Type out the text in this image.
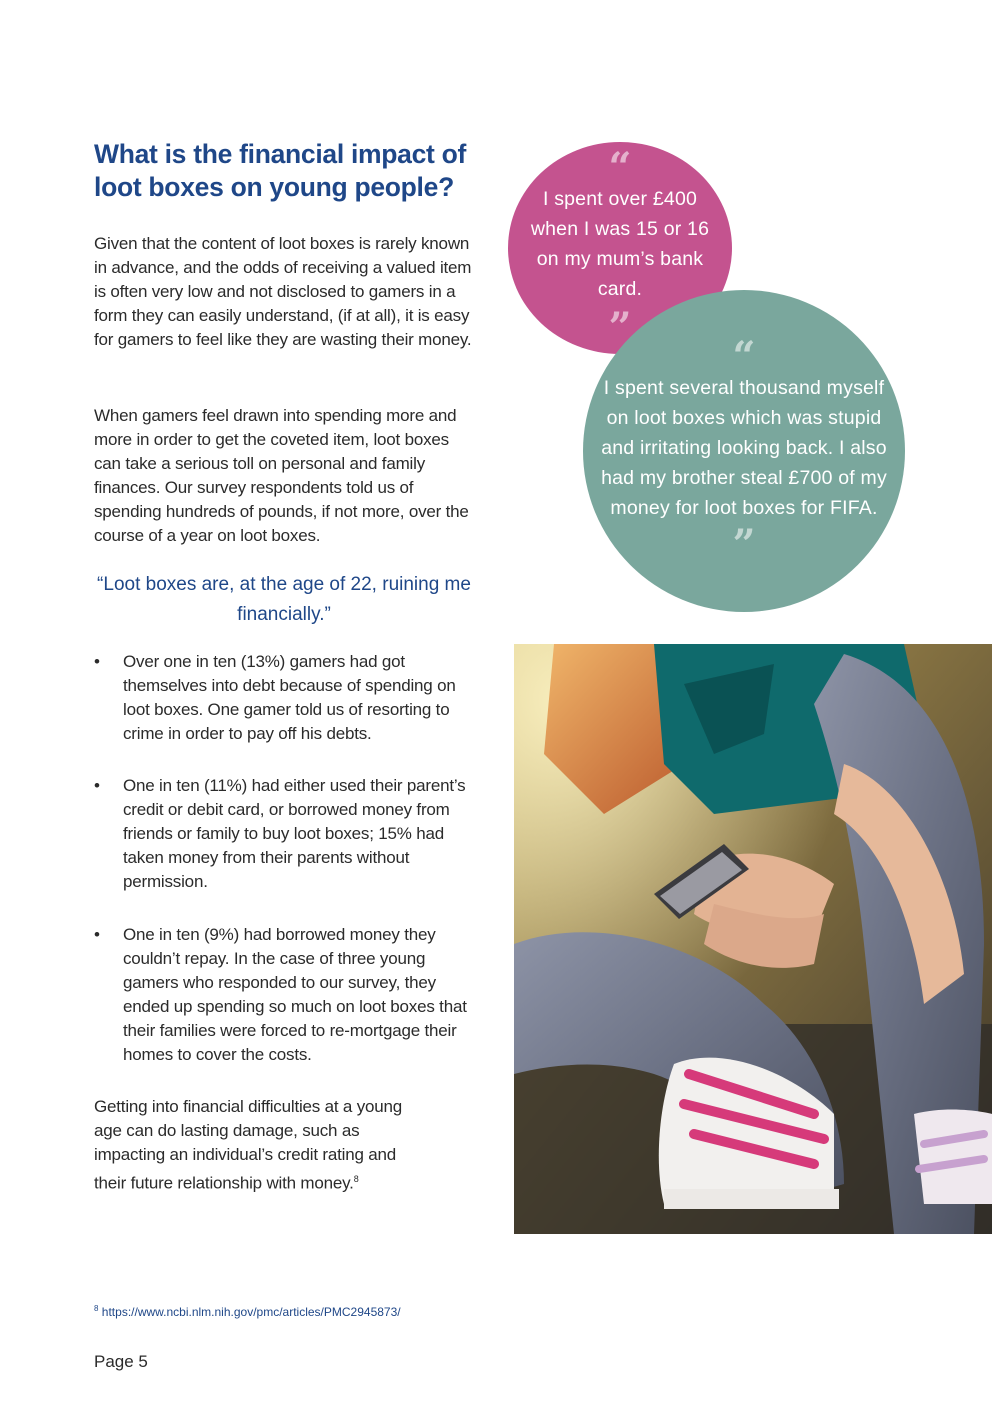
What is the financial impact of loot boxes on young people?

Given that the content of loot boxes is rarely known in advance, and the odds of receiving a valued item is often very low and not disclosed to gamers in a form they can easily understand, (if at all), it is easy for gamers to feel like they are wasting their money.

When gamers feel drawn into spending more and more in order to get the coveted item, loot boxes can take a serious toll on personal and family finances. Our survey respondents told us of spending hundreds of pounds, if not more, over the course of a year on loot boxes.

“Loot boxes are, at the age of 22, ruining me financially.”

• Over one in ten (13%) gamers had got themselves into debt because of spending on loot boxes. One gamer told us of resorting to crime in order to pay off his debts.

• One in ten (11%) had either used their parent’s credit or debit card, or borrowed money from friends or family to buy loot boxes; 15% had taken money from their parents without permission.

• One in ten (9%) had borrowed money they couldn’t repay. In the case of three young gamers who responded to our survey, they ended up spending so much on loot boxes that their families were forced to re-mortgage their homes to cover the costs.

Getting into financial difficulties at a young age can do lasting damage, such as impacting an individual’s credit rating and their future relationship with money.$^8$

“
I spent over £400 when I was 15 or 16 on my mum’s bank card.
”
“
I spent several thousand myself on loot boxes which was stupid and irritating looking back. I also had my brother steal £700 of my money for loot boxes for FIFA.
”
$^8$ https://www.ncbi.nlm.nih.gov/pmc/articles/PMC2945873/
Page 5
